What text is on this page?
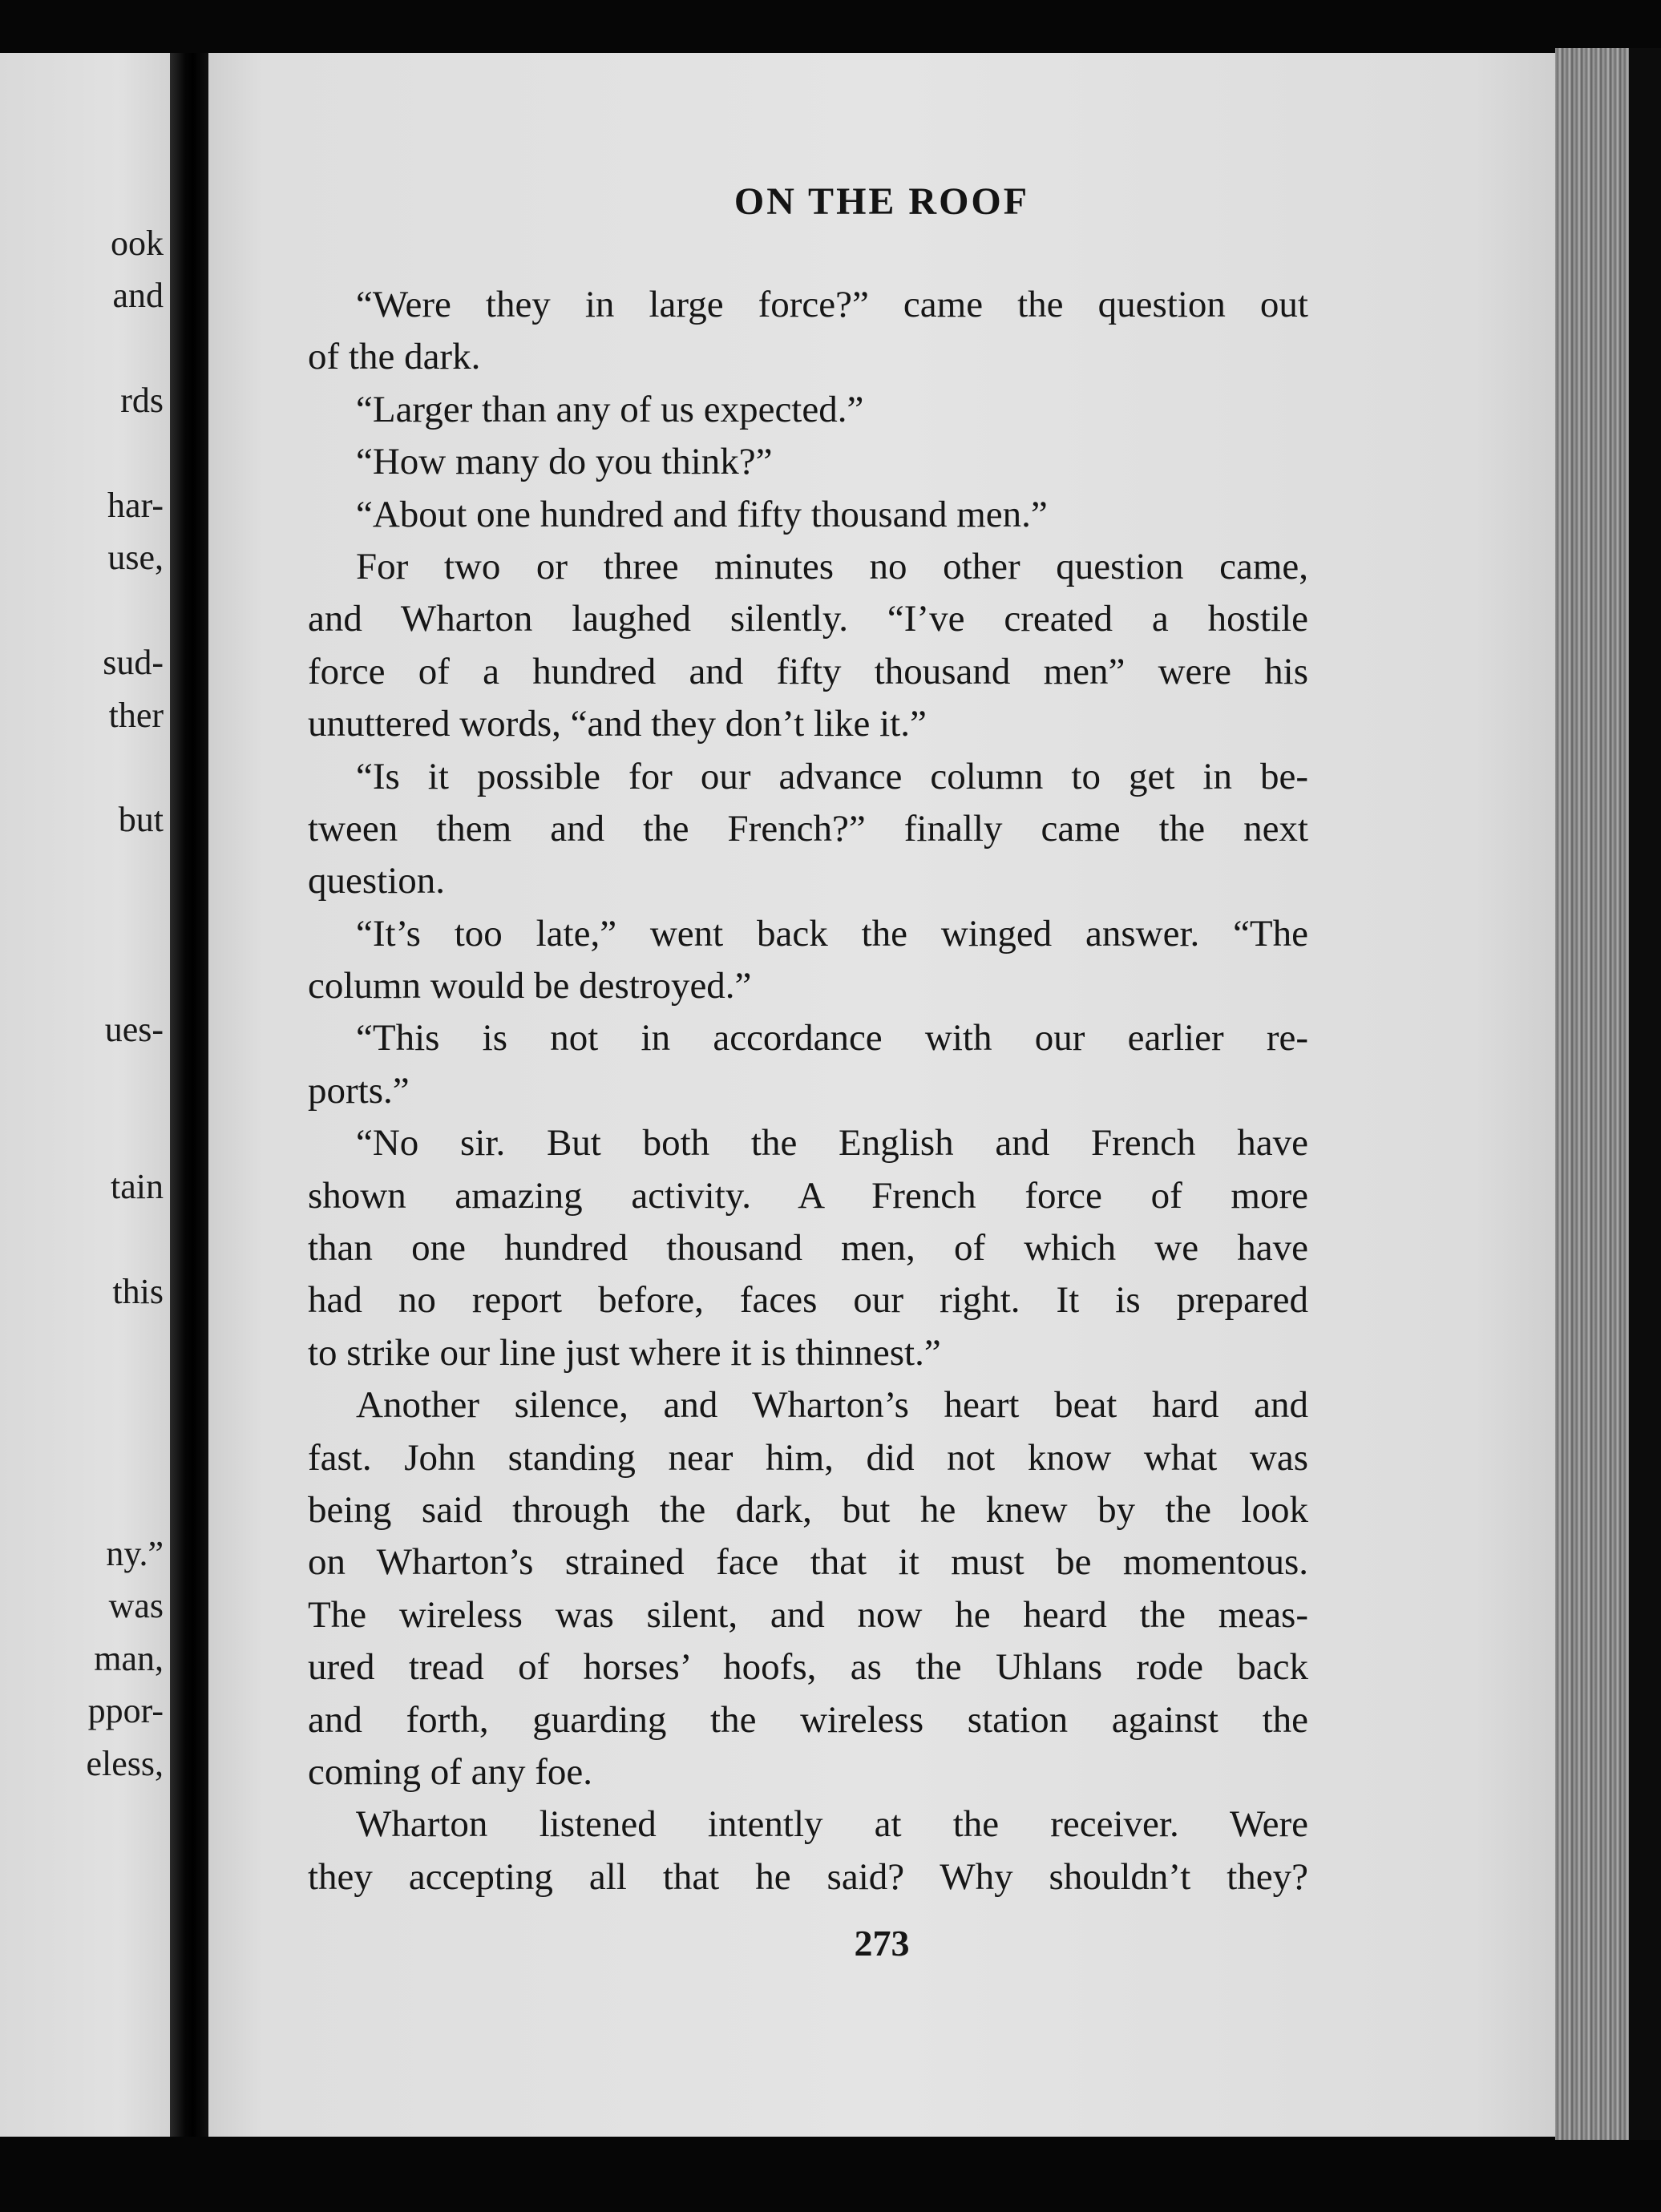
ook
and
rds
har-
use,
sud-
ther
but
ues-
tain
this
ny.”
was
man,
ppor-
eless,
ON THE ROOF
“Were they in large force?” came the question out
of the dark.
“Larger than any of us expected.”
“How many do you think?”
“About one hundred and fifty thousand men.”
For two or three minutes no other question came,
and Wharton laughed silently. “I’ve created a hostile
force of a hundred and fifty thousand men” were his
unuttered words, “and they don’t like it.”
“Is it possible for our advance column to get in be-
tween them and the French?” finally came the next
question.
“It’s too late,” went back the winged answer. “The
column would be destroyed.”
“This is not in accordance with our earlier re-
ports.”
“No sir. But both the English and French have
shown amazing activity. A French force of more
than one hundred thousand men, of which we have
had no report before, faces our right. It is prepared
to strike our line just where it is thinnest.”
Another silence, and Wharton’s heart beat hard and
fast. John standing near him, did not know what was
being said through the dark, but he knew by the look
on Wharton’s strained face that it must be momentous.
The wireless was silent, and now he heard the meas-
ured tread of horses’ hoofs, as the Uhlans rode back
and forth, guarding the wireless station against the
coming of any foe.
Wharton listened intently at the receiver. Were
they accepting all that he said? Why shouldn’t they?
273
